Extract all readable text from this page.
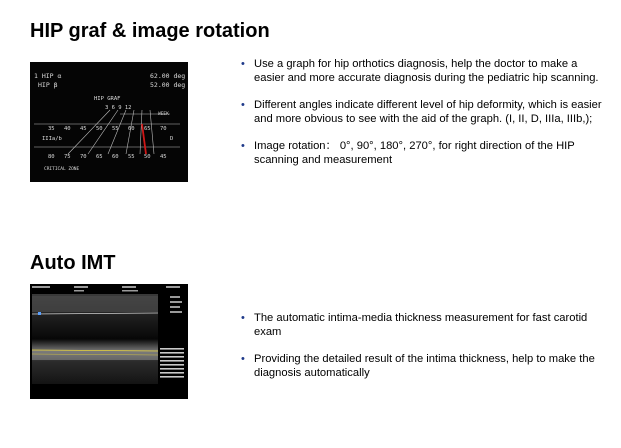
HIP graf & image rotation
1 HIP α	62.00 deg
HIP β	52.00 deg
HIP GRAF
3 6 9 12
WEEK
35 40 45 50 55 60 65 70
IIIa/b	D
80 75 70 65 60 55 50 45
CRITICAL ZONE
• Use a graph for hip orthotics diagnosis, help the doctor to make a easier and more accurate diagnosis during the pediatric hip scanning.
• Different angles indicate different level of hip deformity, which is easier and more obvious to see with the aid of the graph. (I, II, D, IIIa, IIIb,);
• Image rotation： 0°, 90°, 180°, 270°, for right direction of the HIP scanning and measurement
Auto IMT
• The automatic intima-media thickness measurement for fast carotid exam
• Providing the detailed result of the intima thickness, help to make the diagnosis automatically
